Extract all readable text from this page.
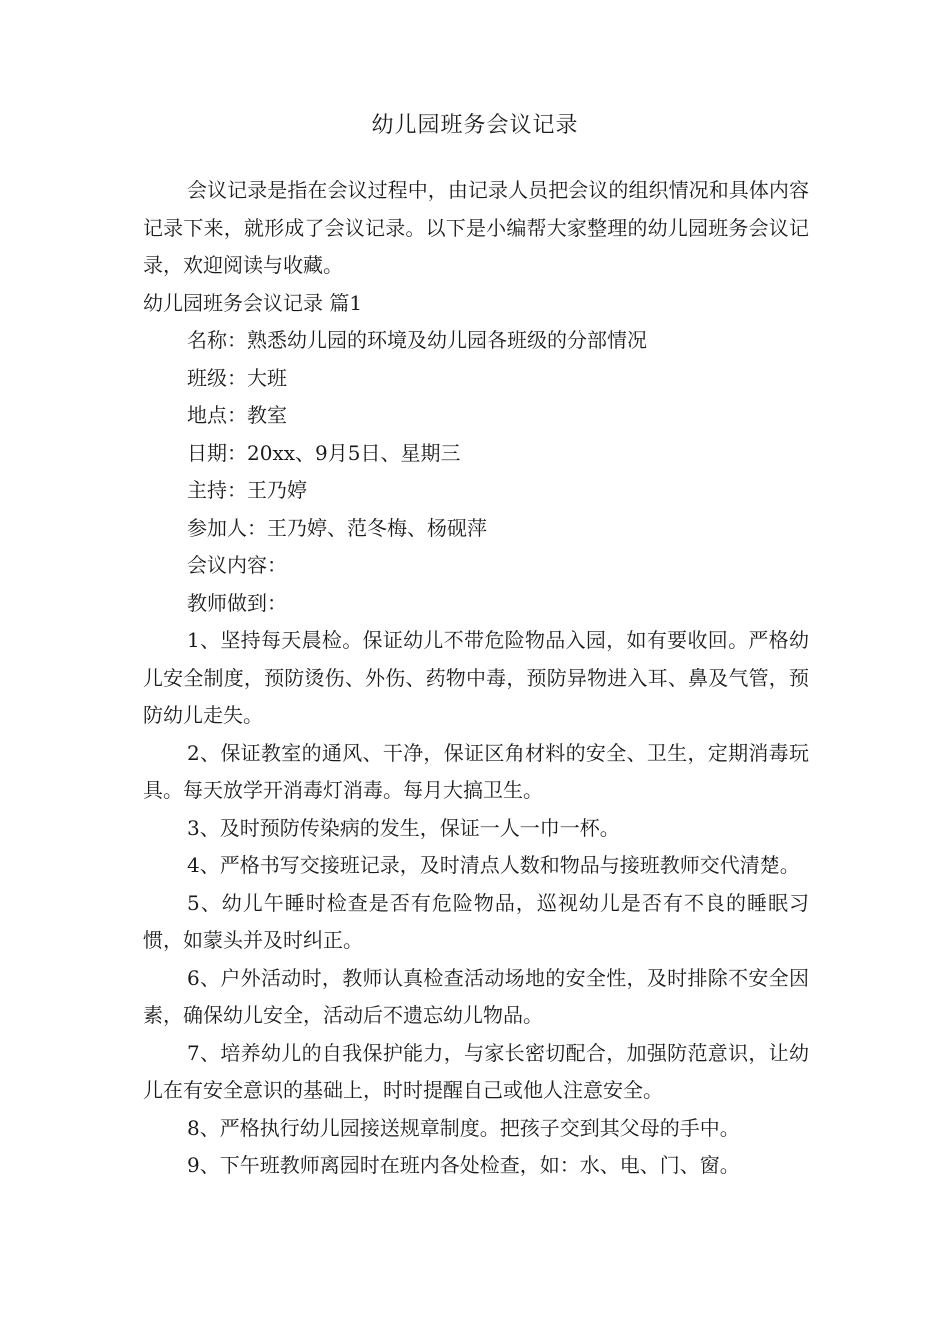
幼儿园班务会议记录

会议记录是指在会议过程中，由记录人员把会议的组织情况和具体内容记录下来，就形成了会议记录。以下是小编帮大家整理的幼儿园班务会议记录，欢迎阅读与收藏。

幼儿园班务会议记录 篇1

名称：熟悉幼儿园的环境及幼儿园各班级的分部情况

班级：大班

地点：教室

日期：20xx、9月5日、星期三

主持：王乃婷

参加人：王乃婷、范冬梅、杨砚萍

会议内容：

教师做到：

1、坚持每天晨检。保证幼儿不带危险物品入园，如有要收回。严格幼儿安全制度，预防烫伤、外伤、药物中毒，预防异物进入耳、鼻及气管，预防幼儿走失。

2、保证教室的通风、干净，保证区角材料的安全、卫生，定期消毒玩具。每天放学开消毒灯消毒。每月大搞卫生。

3、及时预防传染病的发生，保证一人一巾一杯。

4、严格书写交接班记录，及时清点人数和物品与接班教师交代清楚。

5、幼儿午睡时检查是否有危险物品，巡视幼儿是否有不良的睡眠习惯，如蒙头并及时纠正。

6、户外活动时，教师认真检查活动场地的安全性，及时排除不安全因素，确保幼儿安全，活动后不遗忘幼儿物品。

7、培养幼儿的自我保护能力，与家长密切配合，加强防范意识，让幼儿在有安全意识的基础上，时时提醒自己或他人注意安全。

8、严格执行幼儿园接送规章制度。把孩子交到其父母的手中。

9、下午班教师离园时在班内各处检查，如：水、电、门、窗。
